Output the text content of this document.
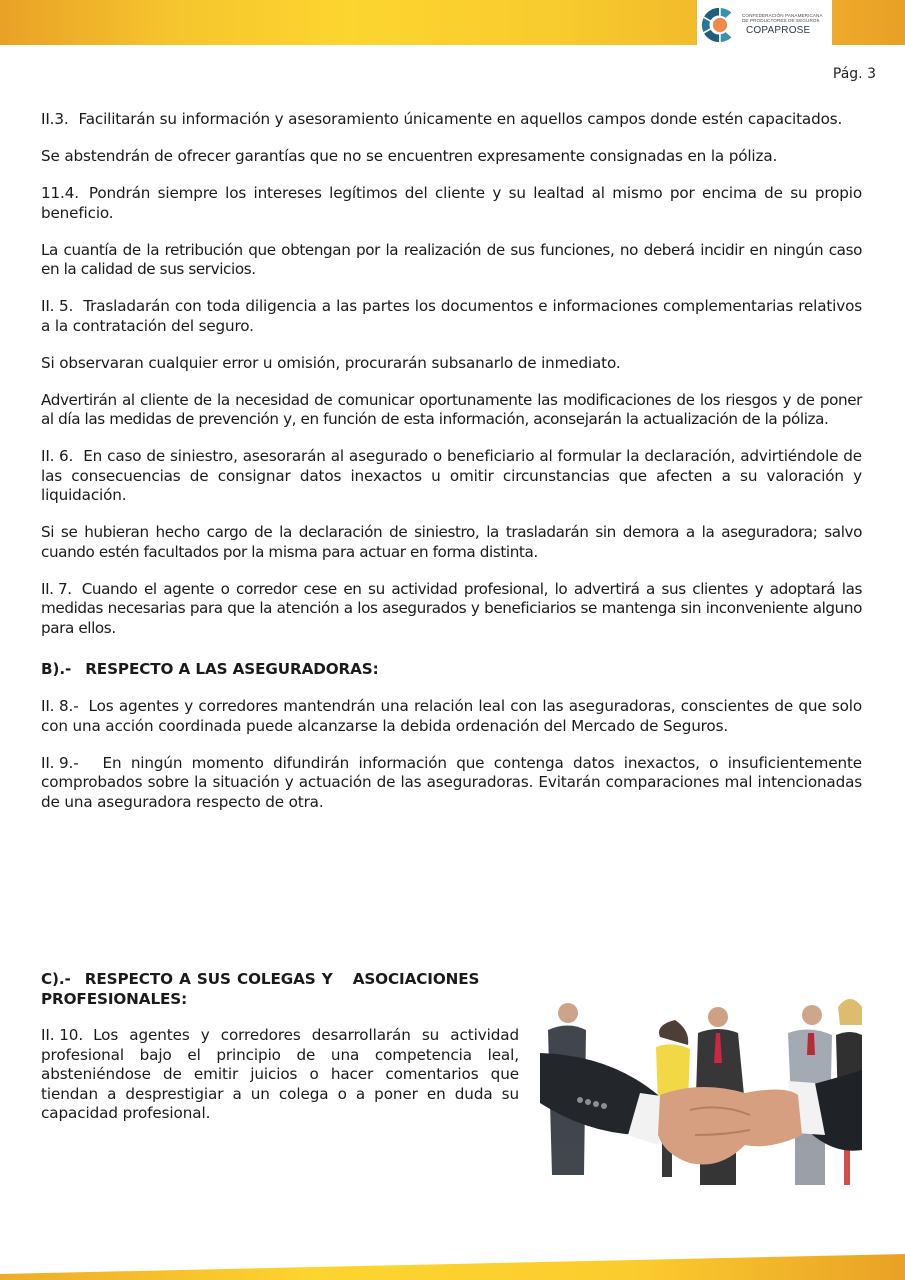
CONFEDERACIÓN PANAMERICANA
DE PRODUCTORES DE SEGUROS
COPAPROSE
Pág. 3

II.3. Facilitarán su información y asesoramiento únicamente en aquellos campos donde estén capacitados.

Se abstendrán de ofrecer garantías que no se encuentren expresamente consignadas en la póliza.

11.4. Pondrán siempre los intereses legítimos del cliente y su lealtad al mismo por encima de su propio beneficio.

La cuantía de la retribución que obtengan por la realización de sus funciones, no deberá incidir en ningún caso en la calidad de sus servicios.

II. 5. Trasladarán con toda diligencia a las partes los documentos e informaciones complementarias relativos a la contratación del seguro.

Si observaran cualquier error u omisión, procurarán subsanarlo de inmediato.

Advertirán al cliente de la necesidad de comunicar oportunamente las modificaciones de los riesgos y de poner al día las medidas de prevención y, en función de esta información, aconsejarán la actualización de la póliza.

II. 6. En caso de siniestro, asesorarán al asegurado o beneficiario al formular la declaración, advirtiéndole de las consecuencias de consignar datos inexactos u omitir circunstancias que afecten a su valoración y liquidación.

Si se hubieran hecho cargo de la declaración de siniestro, la trasladarán sin demora a la aseguradora; salvo cuando estén facultados por la misma para actuar en forma distinta.

II. 7. Cuando el agente o corredor cese en su actividad profesional, lo advertirá a sus clientes y adoptará las medidas necesarias para que la atención a los asegurados y beneficiarios se mantenga sin inconveniente alguno para ellos.

B).- RESPECTO A LAS ASEGURADORAS:

II. 8.- Los agentes y corredores mantendrán una relación leal con las aseguradoras, conscientes de que solo con una acción coordinada puede alcanzarse la debida ordenación del Mercado de Seguros.

II. 9.- En ningún momento difundirán información que contenga datos inexactos, o insuficientemente comprobados sobre la situación y actuación de las aseguradoras. Evitarán comparaciones mal intencionadas de una aseguradora respecto de otra.

C).- RESPECTO A SUS COLEGAS Y ASOCIACIONES PROFESIONALES:

II. 10. Los agentes y corredores desarrollarán su actividad profesional bajo el principio de una competencia leal, absteniéndose de emitir juicios o hacer comentarios que tiendan a desprestigiar a un colega o a poner en duda su capacidad profesional.
